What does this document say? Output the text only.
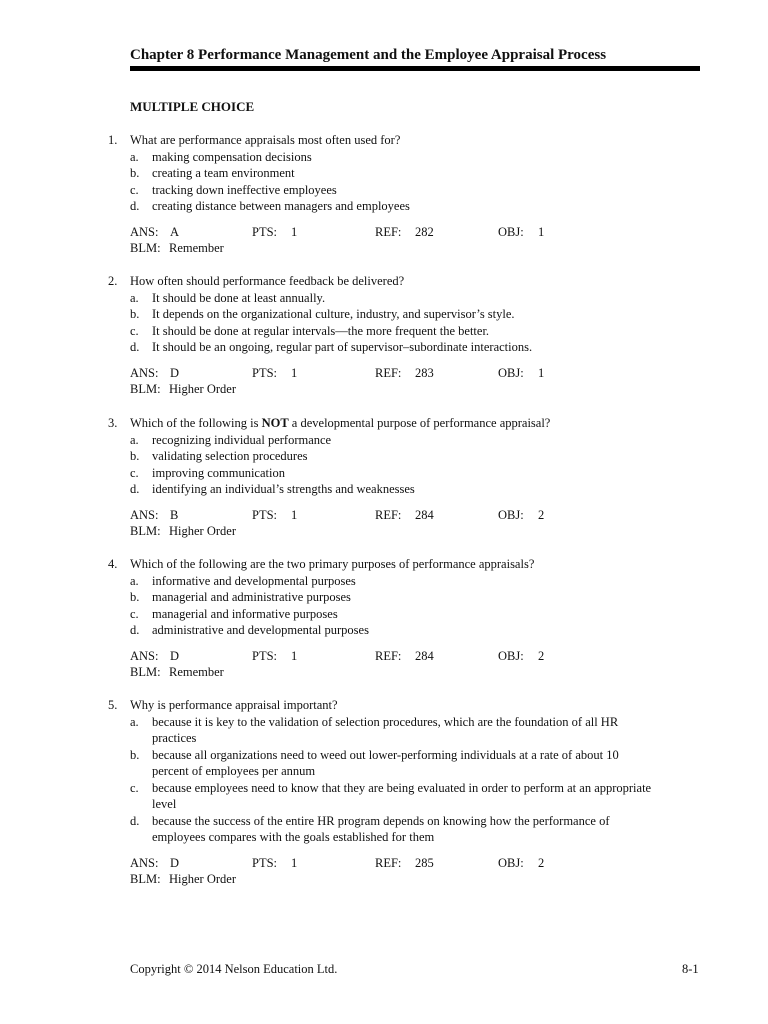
Chapter 8 Performance Management and the Employee Appraisal Process
MULTIPLE CHOICE
1. What are performance appraisals most often used for?
a. making compensation decisions
b. creating a team environment
c. tracking down ineffective employees
d. creating distance between managers and employees
ANS: A	PTS: 1	REF: 282	OBJ: 1
BLM: Remember
2. How often should performance feedback be delivered?
a. It should be done at least annually.
b. It depends on the organizational culture, industry, and supervisor’s style.
c. It should be done at regular intervals—the more frequent the better.
d. It should be an ongoing, regular part of supervisor–subordinate interactions.
ANS: D	PTS: 1	REF: 283	OBJ: 1
BLM: Higher Order
3. Which of the following is NOT a developmental purpose of performance appraisal?
a. recognizing individual performance
b. validating selection procedures
c. improving communication
d. identifying an individual’s strengths and weaknesses
ANS: B	PTS: 1	REF: 284	OBJ: 2
BLM: Higher Order
4. Which of the following are the two primary purposes of performance appraisals?
a. informative and developmental purposes
b. managerial and administrative purposes
c. managerial and informative purposes
d. administrative and developmental purposes
ANS: D	PTS: 1	REF: 284	OBJ: 2
BLM: Remember
5. Why is performance appraisal important?
a. because it is key to the validation of selection procedures, which are the foundation of all HR practices
b. because all organizations need to weed out lower-performing individuals at a rate of about 10 percent of employees per annum
c. because employees need to know that they are being evaluated in order to perform at an appropriate level
d. because the success of the entire HR program depends on knowing how the performance of employees compares with the goals established for them
ANS: D	PTS: 1	REF: 285	OBJ: 2
BLM: Higher Order
Copyright © 2014 Nelson Education Ltd.	8-1
